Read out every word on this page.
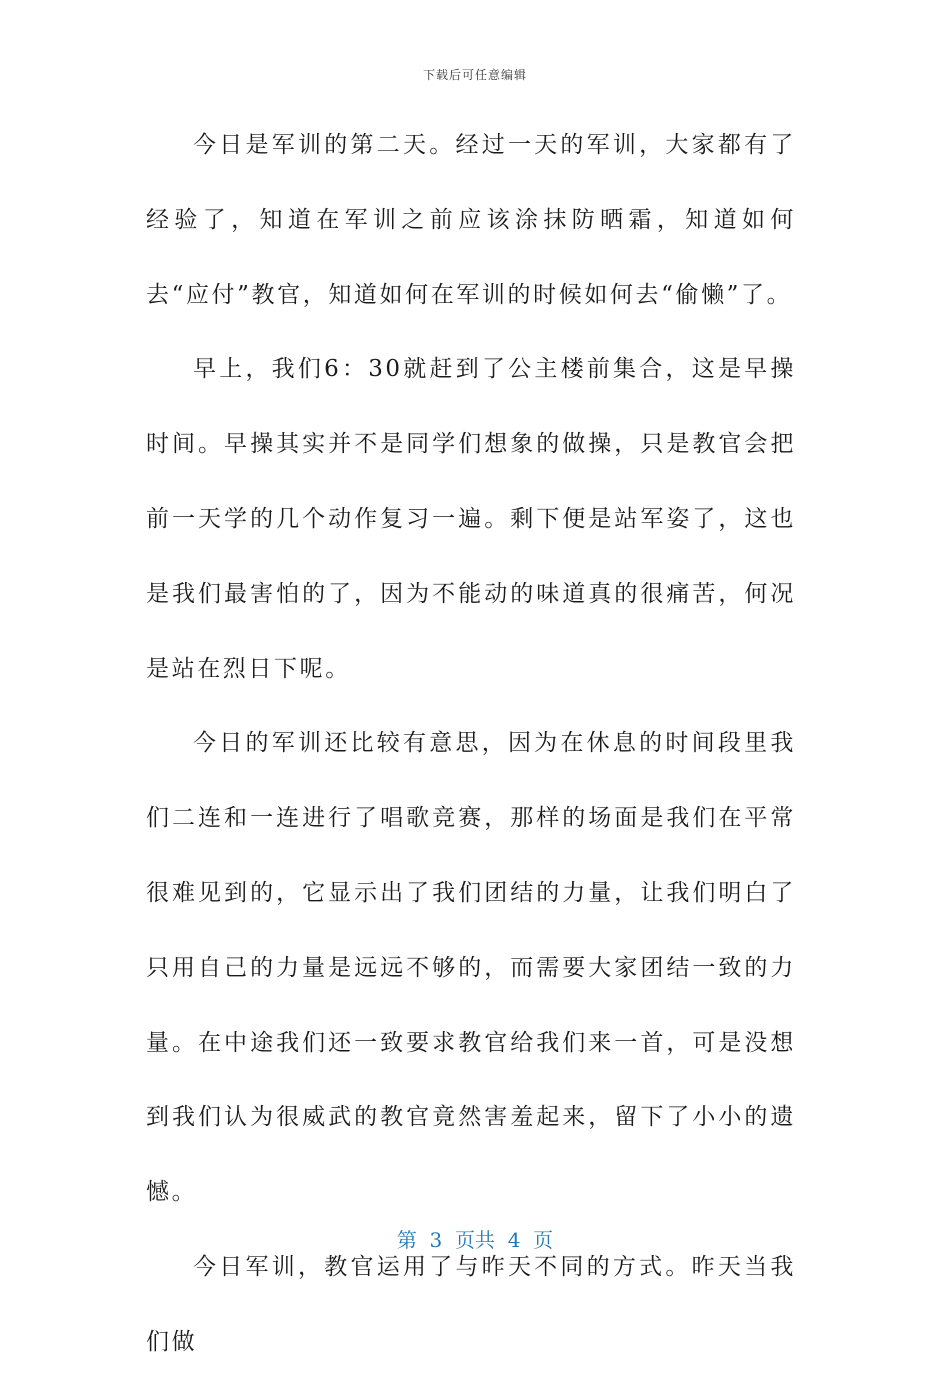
下载后可任意编辑

今日是军训的第二天。经过一天的军训，大家都有了经验了，知道在军训之前应该涂抹防晒霜，知道如何去“应付”教官，知道如何在军训的时候如何去“偷懒”了。

早上，我们6：30就赶到了公主楼前集合，这是早操时间。早操其实并不是同学们想象的做操，只是教官会把前一天学的几个动作复习一遍。剩下便是站军姿了，这也是我们最害怕的了，因为不能动的味道真的很痛苦，何况是站在烈日下呢。

今日的军训还比较有意思，因为在休息的时间段里我们二连和一连进行了唱歌竞赛，那样的场面是我们在平常很难见到的，它显示出了我们团结的力量，让我们明白了只用自己的力量是远远不够的，而需要大家团结一致的力量。在中途我们还一致要求教官给我们来一首，可是没想到我们认为很威武的教官竟然害羞起来，留下了小小的遗憾。

今日军训，教官运用了与昨天不同的方式。昨天当我们做

第  3  页共  4  页
